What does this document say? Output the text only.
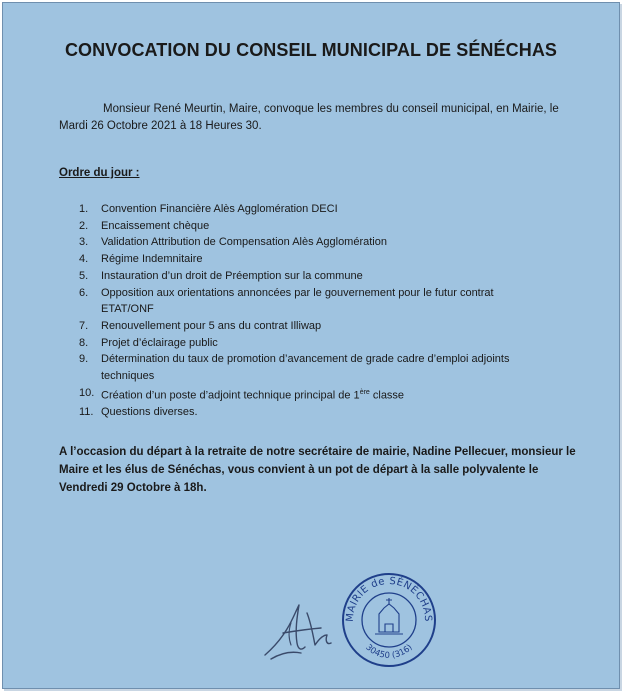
CONVOCATION DU CONSEIL MUNICIPAL DE SÉNÉCHAS
Monsieur René Meurtin, Maire, convoque les membres du conseil municipal, en Mairie, le Mardi 26 Octobre 2021 à 18 Heures 30.
Ordre du jour :
1.	Convention Financière Alès Agglomération DECI
2.	Encaissement chèque
3.	Validation Attribution de Compensation Alès Agglomération
4.	Régime Indemnitaire
5.	Instauration d’un droit de Préemption sur la commune
6.	Opposition aux orientations annoncées par le gouvernement pour le futur contrat ETAT/ONF
7.	Renouvellement pour 5 ans du contrat Illiwap
8.	Projet d’éclairage public
9.	Détermination du taux de promotion d’avancement de grade cadre d’emploi adjoints techniques
10. Création d’un poste d’adjoint technique principal de 1ère classe
11. Questions diverses.
A l’occasion du départ à la retraite de notre secrétaire de mairie, Nadine Pellecuer, monsieur le Maire et les élus de Sénéchas, vous convient à un pot de départ à la salle polyvalente le Vendredi 29 Octobre à 18h.
MAIRIE de SÉNÉCHAS
30450 (316)
